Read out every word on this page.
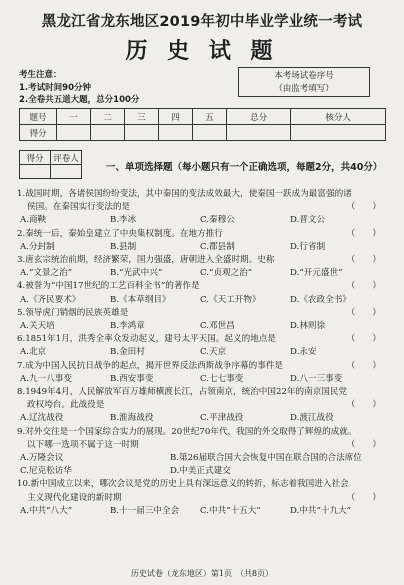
黑龙江省龙东地区2019年初中毕业学业统一考试
历 史 试 题
考生注意：
1.考试时间90分钟
2.全卷共五道大题，总分100分
本考场试卷序号
（由监考填写）
题号	一	二	三	四	五	总分	核分人
得分							
得分	评卷人

一、单项选择题（每小题只有一个正确选项，每题2分，共40分）
1.战国时期，各诸侯国纷纷变法，其中秦国的变法成效最大，使秦国一跃成为最富强的诸
侯国。在秦国实行变法的是	（　　）
A.商鞅	B.李冰	C.秦穆公	D.晋文公
2.秦统一后，秦始皇建立了中央集权制度。在地方推行	（　　）
A.分封制	B.县制	C.郡县制	D.行省制
3.唐玄宗统治前期，经济繁荣，国力强盛，唐朝进入全盛时期。史称	（　　）
A.“文景之治”	B.“光武中兴”	C.“贞观之治”	D.“开元盛世”
4.被誉为“中国17世纪的工艺百科全书”的著作是	（　　）
A.《齐民要术》	B.《本草纲目》	C.《天工开物》	D.《农政全书》
5.领导虎门销烟的民族英雄是	（　　）
A.关天培	B.李鸿章	C.邓世昌	D.林则徐
6.1851年1月，洪秀全率众发动起义，建号太平天国。起义的地点是	（　　）
A.北京	B.金田村	C.天京	D.永安
7.成为中国人民抗日战争的起点，揭开世界反法西斯战争序幕的事件是	（　　）
A.九一八事变	B.西安事变	C.七七事变	D.八一三事变
8.1949年4月，人民解放军百万雄师横渡长江，占领南京，统治中国22年的南京国民党
政权垮台。此战役是	（　　）
A.辽沈战役	B.淮海战役	C.平津战役	D.渡江战役
9.对外交往是一个国家综合实力的展现。20世纪70年代，我国的外交取得了辉煌的成就。
以下哪一选项不属于这一时期	（　　）
A.万隆会议	B.第26届联合国大会恢复中国在联合国的合法席位
C.尼克松访华	D.中美正式建交
10.新中国成立以来，哪次会议是党的历史上具有深远意义的转折，标志着我国进入社会
主义现代化建设的新时期	（　　）
A.中共“八大”	B.十一届三中全会	C.中共“十五大”	D.中共“十九大”
历史试卷（龙东地区）第1页　（共8页）
